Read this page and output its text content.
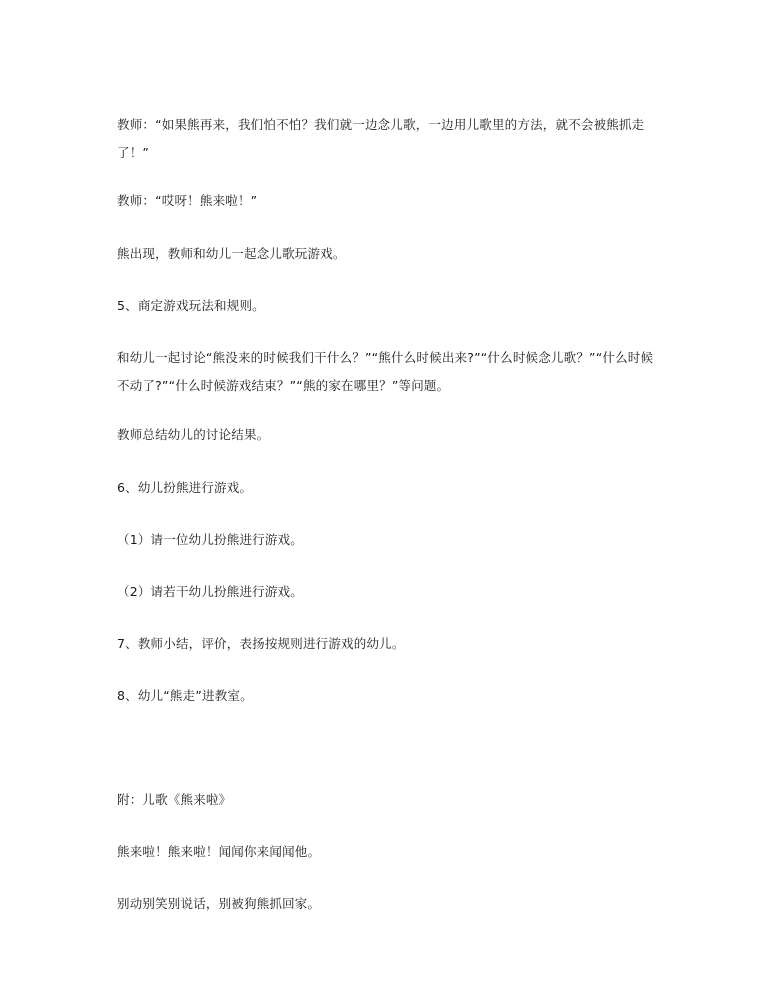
教师：“如果熊再来，我们怕不怕？我们就一边念儿歌，一边用儿歌里的方法，就不会被熊抓走了！”

教师：“哎呀！熊来啦！”

熊出现，教师和幼儿一起念儿歌玩游戏。

5、商定游戏玩法和规则。

和幼儿一起讨论“熊没来的时候我们干什么？”“熊什么时候出来?”“什么时候念儿歌？”“什么时候不动了?”“什么时候游戏结束？”“熊的家在哪里？”等问题。

教师总结幼儿的讨论结果。

6、幼儿扮熊进行游戏。

（1）请一位幼儿扮熊进行游戏。

（2）请若干幼儿扮熊进行游戏。

7、教师小结，评价，表扬按规则进行游戏的幼儿。

8、幼儿“熊走”进教室。

附：儿歌《熊来啦》

熊来啦！熊来啦！闻闻你来闻闻他。

别动别笑别说话，别被狗熊抓回家。
